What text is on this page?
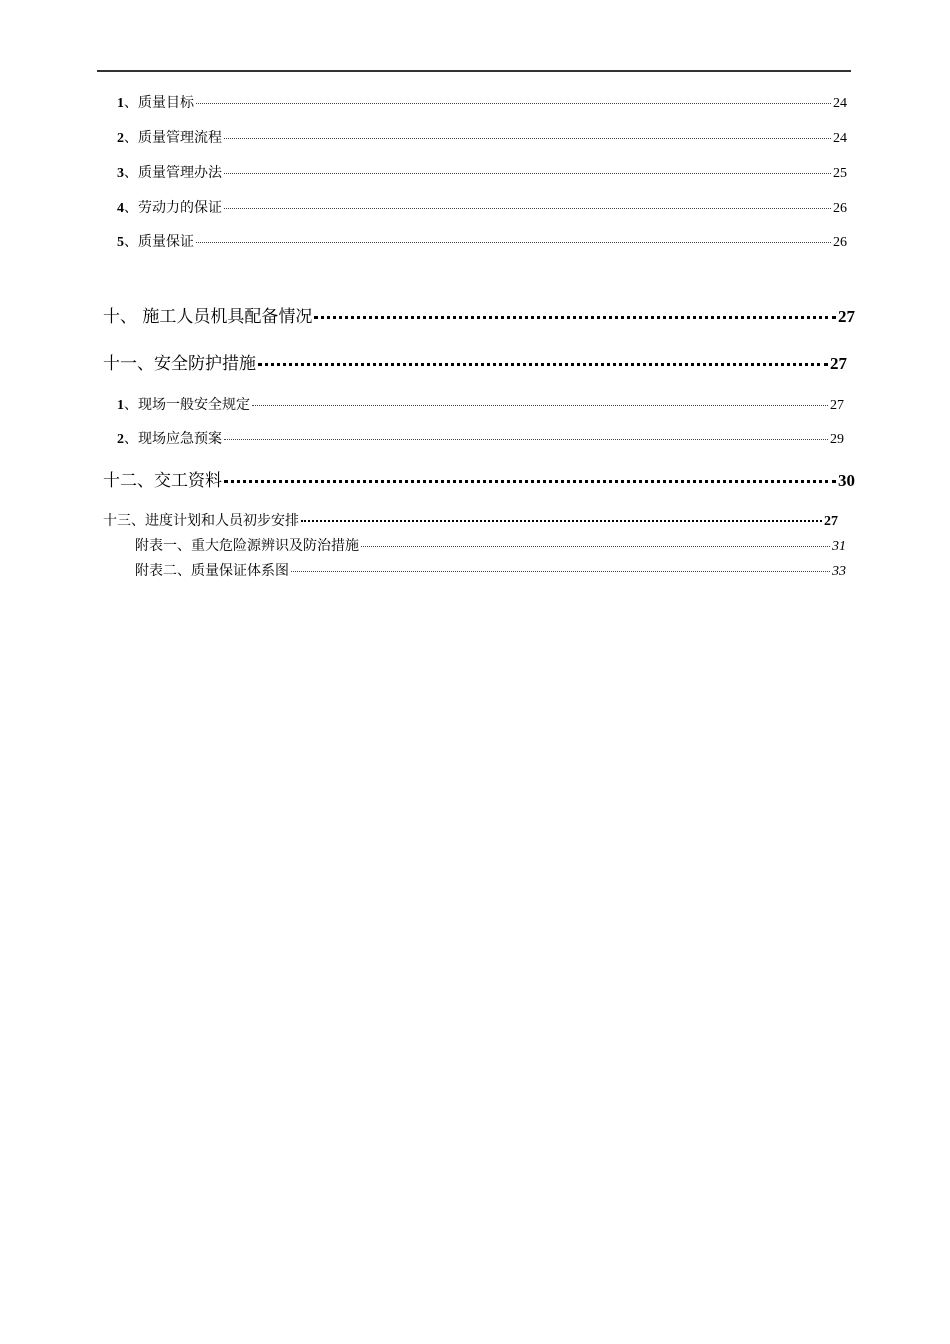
1、质量目标	24
2、质量管理流程	24
3、质量管理办法	25
4、劳动力的保证	26
5、质量保证	26
十、 施工人员机具配备情况	27
十一、安全防护措施	27
1、现场一般安全规定	27
2、现场应急预案	29
十二、交工资料	30
十三、进度计划和人员初步安排	27
附表一、重大危险源辨识及防治措施	31
附表二、质量保证体系图	33
